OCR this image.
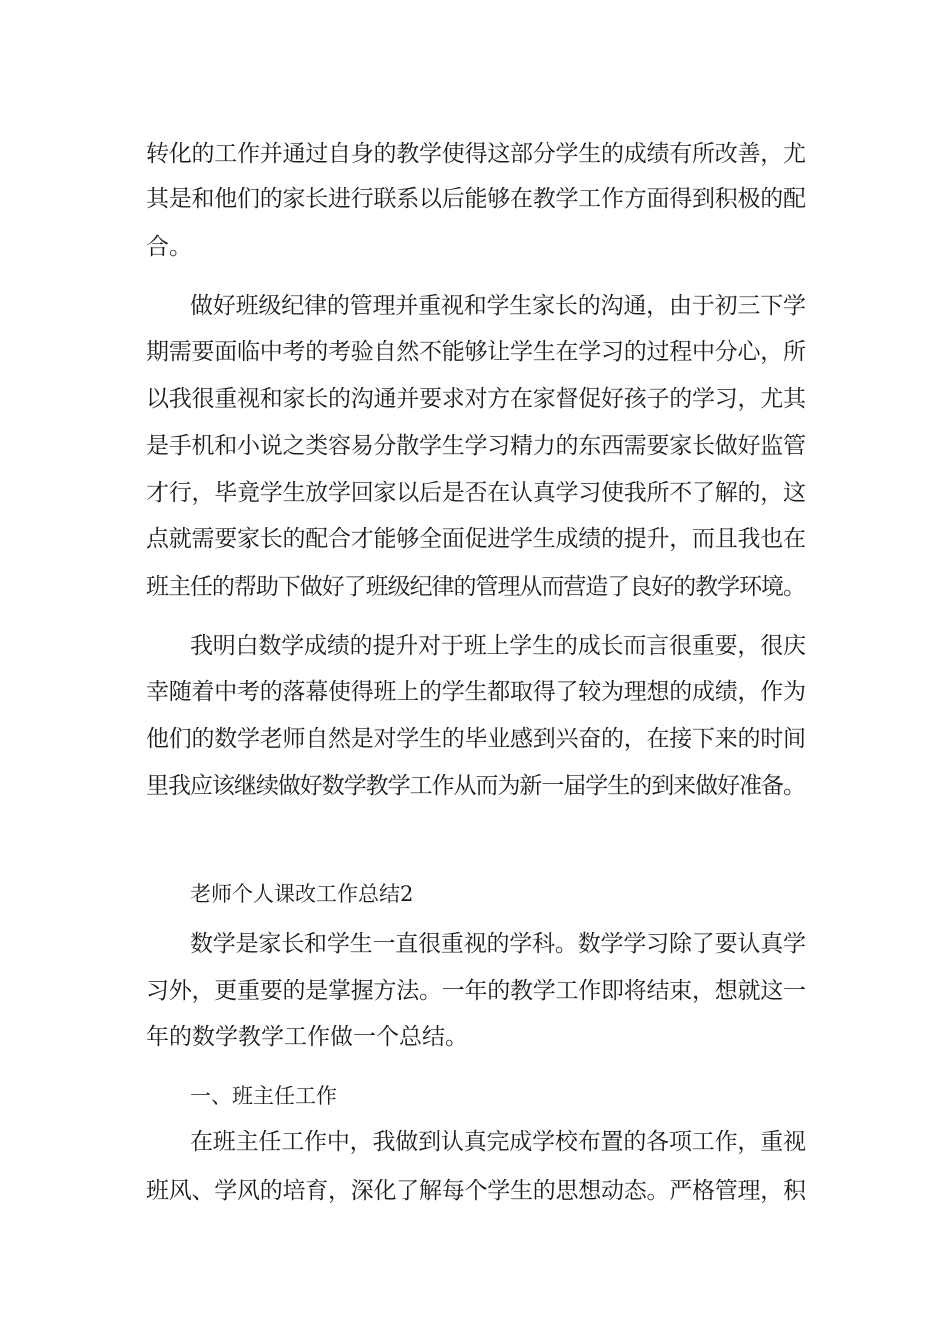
转化的工作并通过自身的教学使得这部分学生的成绩有所改善，尤
其是和他们的家长进行联系以后能够在教学工作方面得到积极的配
合。
做好班级纪律的管理并重视和学生家长的沟通，由于初三下学
期需要面临中考的考验自然不能够让学生在学习的过程中分心，所
以我很重视和家长的沟通并要求对方在家督促好孩子的学习，尤其
是手机和小说之类容易分散学生学习精力的东西需要家长做好监管
才行，毕竟学生放学回家以后是否在认真学习使我所不了解的，这
点就需要家长的配合才能够全面促进学生成绩的提升，而且我也在
班主任的帮助下做好了班级纪律的管理从而营造了良好的教学环境。
我明白数学成绩的提升对于班上学生的成长而言很重要，很庆
幸随着中考的落幕使得班上的学生都取得了较为理想的成绩，作为
他们的数学老师自然是对学生的毕业感到兴奋的，在接下来的时间
里我应该继续做好数学教学工作从而为新一届学生的到来做好准备。
老师个人课改工作总结2
数学是家长和学生一直很重视的学科。数学学习除了要认真学
习外，更重要的是掌握方法。一年的教学工作即将结束，想就这一
年的数学教学工作做一个总结。
一、班主任工作
在班主任工作中，我做到认真完成学校布置的各项工作，重视
班风、学风的培育，深化了解每个学生的思想动态。严格管理，积
